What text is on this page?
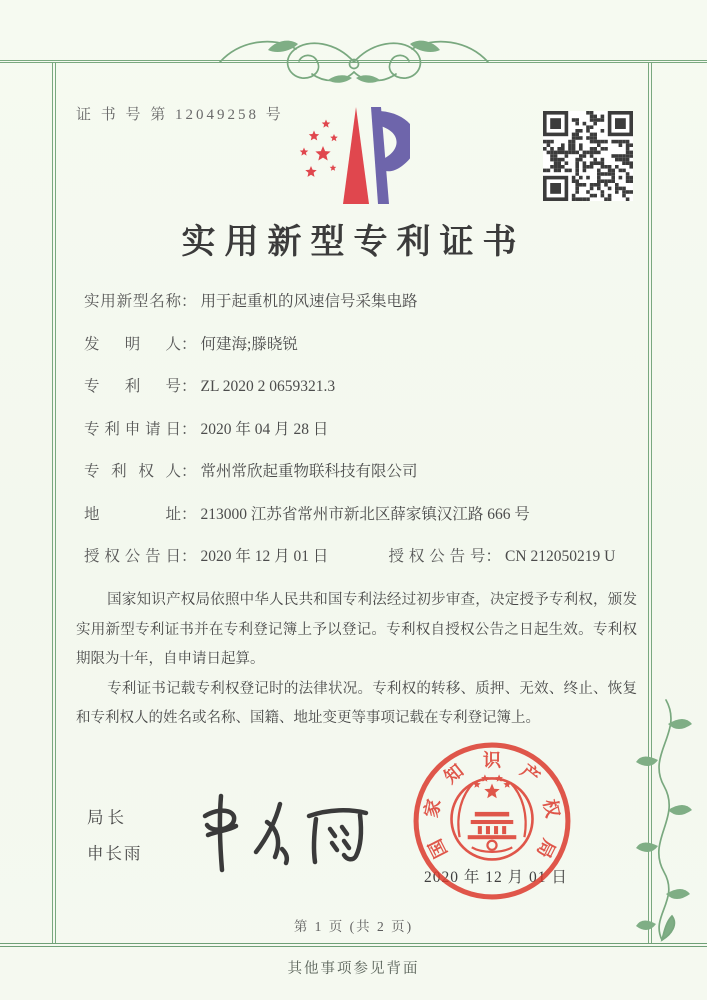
证 书 号 第 12049258 号
实用新型专利证书
实用新型名称： 用于起重机的风速信号采集电路
发明人： 何建海;滕晓锐
专利号： ZL 2020 2 0659321.3
专利申请日： 2020 年 04 月 28 日
专利权人： 常州常欣起重物联科技有限公司
地址： 213000 江苏省常州市新北区薛家镇汉江路 666 号
授权公告日： 2020 年 12 月 01 日	授权公告号： CN 212050219 U

国家知识产权局依照中华人民共和国专利法经过初步审查，决定授予专利权，颁发实用新型专利证书并在专利登记簿上予以登记。专利权自授权公告之日起生效。专利权期限为十年，自申请日起算。

专利证书记载专利权登记时的法律状况。专利权的转移、质押、无效、终止、恢复和专利权人的姓名或名称、国籍、地址变更等事项记载在专利登记簿上。

局长
申长雨
2020 年 12 月 01 日
国
家
知 识 产
权
局
第 1 页 (共 2 页)
其他事项参见背面
